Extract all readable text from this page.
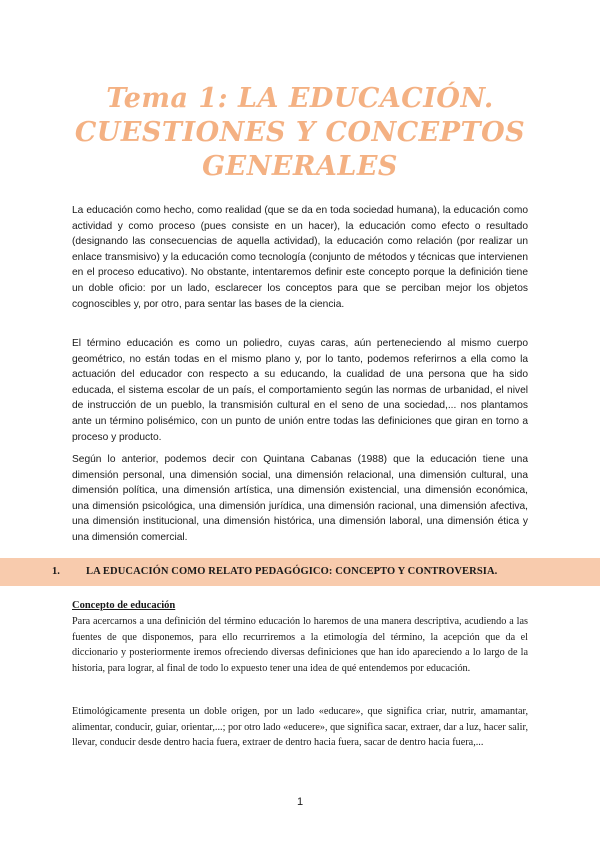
Tema 1: LA EDUCACIÓN.
CUESTIONES Y CONCEPTOS
GENERALES

La educación como hecho, como realidad (que se da en toda sociedad humana), la educación como actividad y como proceso (pues consiste en un hacer), la educación como efecto o resultado (designando las consecuencias de aquella actividad), la educación como relación (por realizar un enlace transmisivo) y la educación como tecnología (conjunto de métodos y técnicas que intervienen en el proceso educativo). No obstante, intentaremos definir este concepto porque la definición tiene un doble oficio: por un lado, esclarecer los conceptos para que se perciban mejor los objetos cognoscibles y, por otro, para sentar las bases de la ciencia.

El término educación es como un poliedro, cuyas caras, aún perteneciendo al mismo cuerpo geométrico, no están todas en el mismo plano y, por lo tanto, podemos referirnos a ella como la actuación del educador con respecto a su educando, la cualidad de una persona que ha sido educada, el sistema escolar de un país, el comportamiento según las normas de urbanidad, el nivel de instrucción de un pueblo, la transmisión cultural en el seno de una sociedad,... nos plantamos ante un término polisémico, con un punto de unión entre todas las definiciones que giran en torno a proceso y producto.

Según lo anterior, podemos decir con Quintana Cabanas (1988) que la educación tiene una dimensión personal, una dimensión social, una dimensión relacional, una dimensión cultural, una dimensión política, una dimensión artística, una dimensión existencial, una dimensión económica, una dimensión psicológica, una dimensión jurídica, una dimensión racional, una dimensión afectiva, una dimensión institucional, una dimensión histórica, una dimensión laboral, una dimensión ética y una dimensión comercial.

1. LA EDUCACIÓN COMO RELATO PEDAGÓGICO: CONCEPTO Y CONTROVERSIA.
Concepto de educación

Para acercarnos a una definición del término educación lo haremos de una manera descriptiva, acudiendo a las fuentes de que disponemos, para ello recurriremos a la etimología del término, la acepción que da el diccionario y posteriormente iremos ofreciendo diversas definiciones que han ido apareciendo a lo largo de la historia, para lograr, al final de todo lo expuesto tener una idea de qué entendemos por educación.

Etimológicamente presenta un doble origen, por un lado «educare», que significa criar, nutrir, amamantar, alimentar, conducir, guiar, orientar,...; por otro lado «educere», que significa sacar, extraer, dar a luz, hacer salir, llevar, conducir desde dentro hacia fuera, extraer de dentro hacia fuera, sacar de dentro hacia fuera,...

1
